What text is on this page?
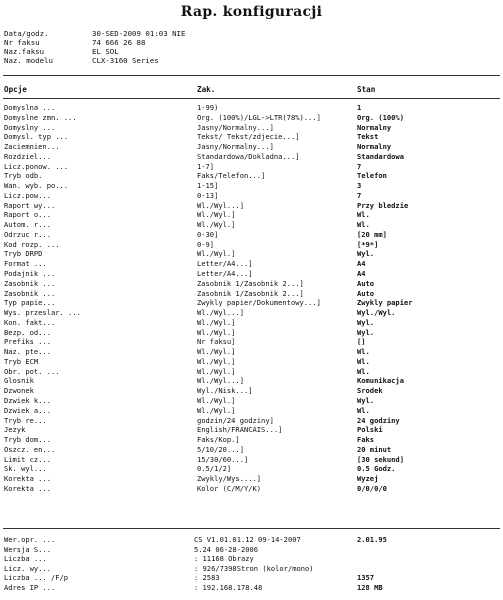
Rap. konfiguracji
Data/godz.	30-SED-2009 01:03 NIE
Nr faksu	74 666 26 88
Naz.faksu	EL SOL
Naz. modelu	CLX-3160 Series
Opcje	Zak.	Stan
Domyslna ...	1-99)	1
Domyslne zmn. ...	Org. (100%)/LGL->LTR(78%)...]	Org. (100%)
Domyslny ...	Jasny/Normalny...]	Normalny
Domysl. typ ...	Tekst/ Tekst/zdjecie...]	Tekst
Zaciemnien...	Jasny/Normalny...]	Normalny
Rozdziel...	Standardowa/Dokladna...]	Standardowa
Licz.ponow. ...	1-7]	7
Tryb odb.	Faks/Telefon...]	Telefon
Wan. wyb. po...	1-15]	3
Licz.pow...	0-13]	7
Raport wy...	Wl./Wyl...]	Przy bledzie
Raport o...	Wl./Wyl.]	Wl.
Autom. r...	Wl./Wyl.]	Wl.
Odrzuc r...	0-30]	[20 mm]
Kod rozp. ...	0-9]	[*9*]
Tryb DRPD	Wl./Wyl.]	Wyl.
Format ...	Letter/A4...]	A4
Podajnik ...	Letter/A4...]	A4
Zasobnik ...	Zasobnik 1/Zasobnik 2...]	Auto
Zasobnik ...	Zasobnik 1/Zasobnik 2...]	Auto
Typ papie...	Zwykly papier/Dokumentowy...]	Zwykly papier
Wys. przeslar. ...	Wl./Wyl...]	Wyl./Wyl.
Kon. fakt...	Wl./Wyl.]	Wyl.
Bezp. od...	Wl./Wyl.]	Wyl.
Prefiks ...	Nr faksu]	[]
Naz. pte...	Wl./Wyl.]	Wl.
Tryb ECM	Wl./Wyl.]	Wl.
Obr. pot. ...	Wl./Wyl.]	Wl.
Glosnik	Wl./Wyl...]	Komunikacja
Dzwonek	Wyl./Nisk...]	Srodek
Dzwiek k...	Wl./Wyl.]	Wyl.
Dzwiek a...	Wl./Wyl.]	Wl.
Tryb re...	godzin/24 godziny]	24 godziny
Jezyk	English/FRANCAIS...]	Polski
Tryb dom...	Faks/Kop.]	Faks
Oszcz. en...	5/10/20...]	20 minut
Limit cz...	15/30/60...]	[30 sekund]
Sk. wyl...	0.5/1/2]	0.5 Godz.
Korekta ...	Zwykly/Wys....]	Wyzej
Korekta ...	Kolor (C/M/Y/K)	0/0/0/0
Wer.opr. ...	CS V1.01.01.12 09-14-2007	2.01.95
Wersja S...	5.24 06-28-2006
Liczba ...	: 11168 Obrazy
Licz. wy...	: 926/7398Stron (kolor/mono)
Liczba ... /F/p	: 2583	1357
Adres IP ...	: 192.168.178.48	128 MB
